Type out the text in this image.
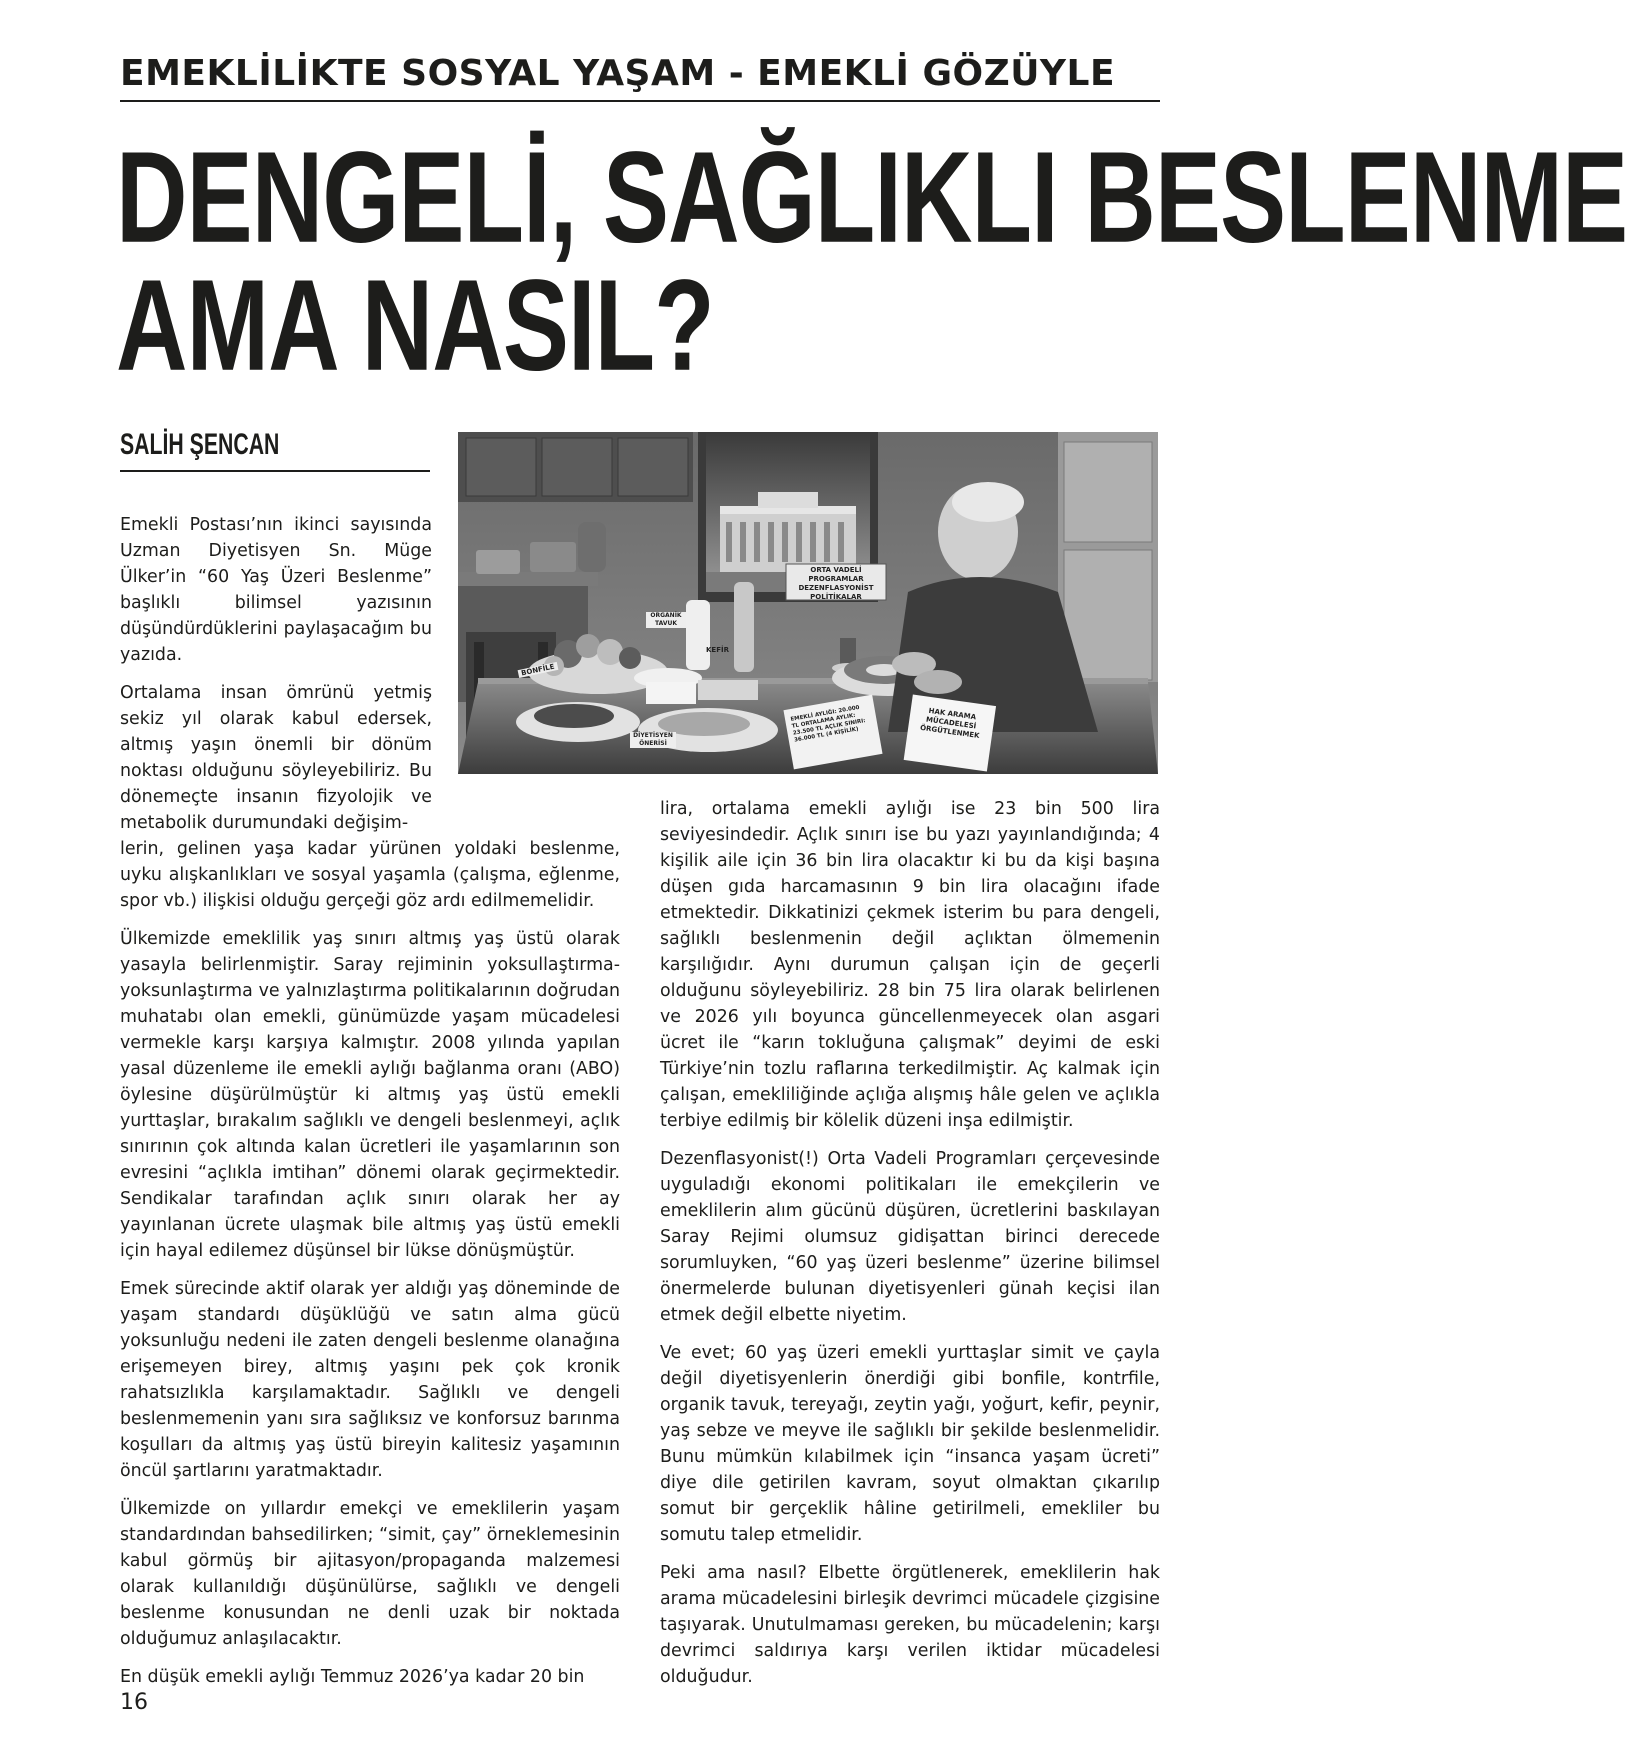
EMEKLİLİKTE SOSYAL YAŞAM - EMEKLİ GÖZÜYLE
DENGELİ, SAĞLIKLI BESLENME
AMA NASIL?
SALİH ŞENCAN
ORTA VADELİ PROGRAMLAR DEZENFLASYONİST POLİTİKALAR
ORGANİK TAVUK
KEFİR
BONFİLE
DİYETİSYEN ÖNERİSİ
EMEKLİ AYLIĞI: 20.000 TL ORTALAMA AYLIK: 23.500 TL AÇLIK SINIRI: 36.000 TL (4 KİŞİLİK)
HAK ARAMA MÜCADELESİ ÖRGÜTLENMEK

Emekli Postası’nın ikinci sayısında Uzman Diyetisyen Sn. Müge Ülker’in “60 Yaş Üzeri Beslenme” başlıklı bilimsel yazısının düşündürdüklerini paylaşacağım bu yazıda.

Ortalama insan ömrünü yetmiş sekiz yıl olarak kabul edersek, altmış yaşın önemli bir dönüm noktası olduğunu söyleyebiliriz. Bu dönemeçte insanın fizyolojik ve metabolik durumundaki değişim-

lerin, gelinen yaşa kadar yürünen yoldaki beslenme, uyku alışkanlıkları ve sosyal yaşamla (çalışma, eğlenme, spor vb.) ilişkisi olduğu gerçeği göz ardı edilmemelidir.

Ülkemizde emeklilik yaş sınırı altmış yaş üstü olarak yasayla belirlenmiştir. Saray rejiminin yoksullaştırma-yoksunlaştırma ve yalnızlaştırma politikalarının doğrudan muhatabı olan emekli, günümüzde yaşam mücadelesi vermekle karşı karşıya kalmıştır. 2008 yılında yapılan yasal düzenleme ile emekli aylığı bağlanma oranı (ABO) öylesine düşürülmüştür ki altmış yaş üstü emekli yurttaşlar, bırakalım sağlıklı ve dengeli beslenmeyi, açlık sınırının çok altında kalan ücretleri ile yaşamlarının son evresini “açlıkla imtihan” dönemi olarak geçirmektedir. Sendikalar tarafından açlık sınırı olarak her ay yayınlanan ücrete ulaşmak bile altmış yaş üstü emekli için hayal edilemez düşünsel bir lükse dönüşmüştür.

Emek sürecinde aktif olarak yer aldığı yaş döneminde de yaşam standardı düşüklüğü ve satın alma gücü yoksunluğu nedeni ile zaten dengeli beslenme olanağına erişemeyen birey, altmış yaşını pek çok kronik rahatsızlıkla karşılamaktadır. Sağlıklı ve dengeli beslenmemenin yanı sıra sağlıksız ve konforsuz barınma koşulları da altmış yaş üstü bireyin kalitesiz yaşamının öncül şartlarını yaratmaktadır.

Ülkemizde on yıllardır emekçi ve emeklilerin yaşam standardından bahsedilirken; “simit, çay” örneklemesinin kabul görmüş bir ajitasyon/propaganda malzemesi olarak kullanıldığı düşünülürse, sağlıklı ve dengeli beslenme konusundan ne denli uzak bir noktada olduğumuz anlaşılacaktır.

En düşük emekli aylığı Temmuz 2026’ya kadar 20 bin

lira, ortalama emekli aylığı ise 23 bin 500 lira seviyesindedir. Açlık sınırı ise bu yazı yayınlandığında; 4 kişilik aile için 36 bin lira olacaktır ki bu da kişi başına düşen gıda harcamasının 9 bin lira olacağını ifade etmektedir. Dikkatinizi çekmek isterim bu para dengeli, sağlıklı beslenmenin değil açlıktan ölmemenin karşılığıdır. Aynı durumun çalışan için de geçerli olduğunu söyleyebiliriz. 28 bin 75 lira olarak belirlenen ve 2026 yılı boyunca güncellenmeyecek olan asgari ücret ile “karın tokluğuna çalışmak” deyimi de eski Türkiye’nin tozlu raflarına terkedilmiştir. Aç kalmak için çalışan, emekliliğinde açlığa alışmış hâle gelen ve açlıkla terbiye edilmiş bir kölelik düzeni inşa edilmiştir.

Dezenflasyonist(!) Orta Vadeli Programları çerçevesinde uyguladığı ekonomi politikaları ile emekçilerin ve emeklilerin alım gücünü düşüren, ücretlerini baskılayan Saray Rejimi olumsuz gidişattan birinci derecede sorumluyken, “60 yaş üzeri beslenme” üzerine bilimsel önermelerde bulunan diyetisyenleri günah keçisi ilan etmek değil elbette niyetim.

Ve evet; 60 yaş üzeri emekli yurttaşlar simit ve çayla değil diyetisyenlerin önerdiği gibi bonfile, kontrfile, organik tavuk, tereyağı, zeytin yağı, yoğurt, kefir, peynir, yaş sebze ve meyve ile sağlıklı bir şekilde beslenmelidir. Bunu mümkün kılabilmek için “insanca yaşam ücreti” diye dile getirilen kavram, soyut olmaktan çıkarılıp somut bir gerçeklik hâline getirilmeli, emekliler bu somutu talep etmelidir.

Peki ama nasıl? Elbette örgütlenerek, emeklilerin hak arama mücadelesini birleşik devrimci mücadele çizgisine taşıyarak. Unutulmaması gereken, bu mücadelenin; karşı devrimci saldırıya karşı verilen iktidar mücadelesi olduğudur.

16
